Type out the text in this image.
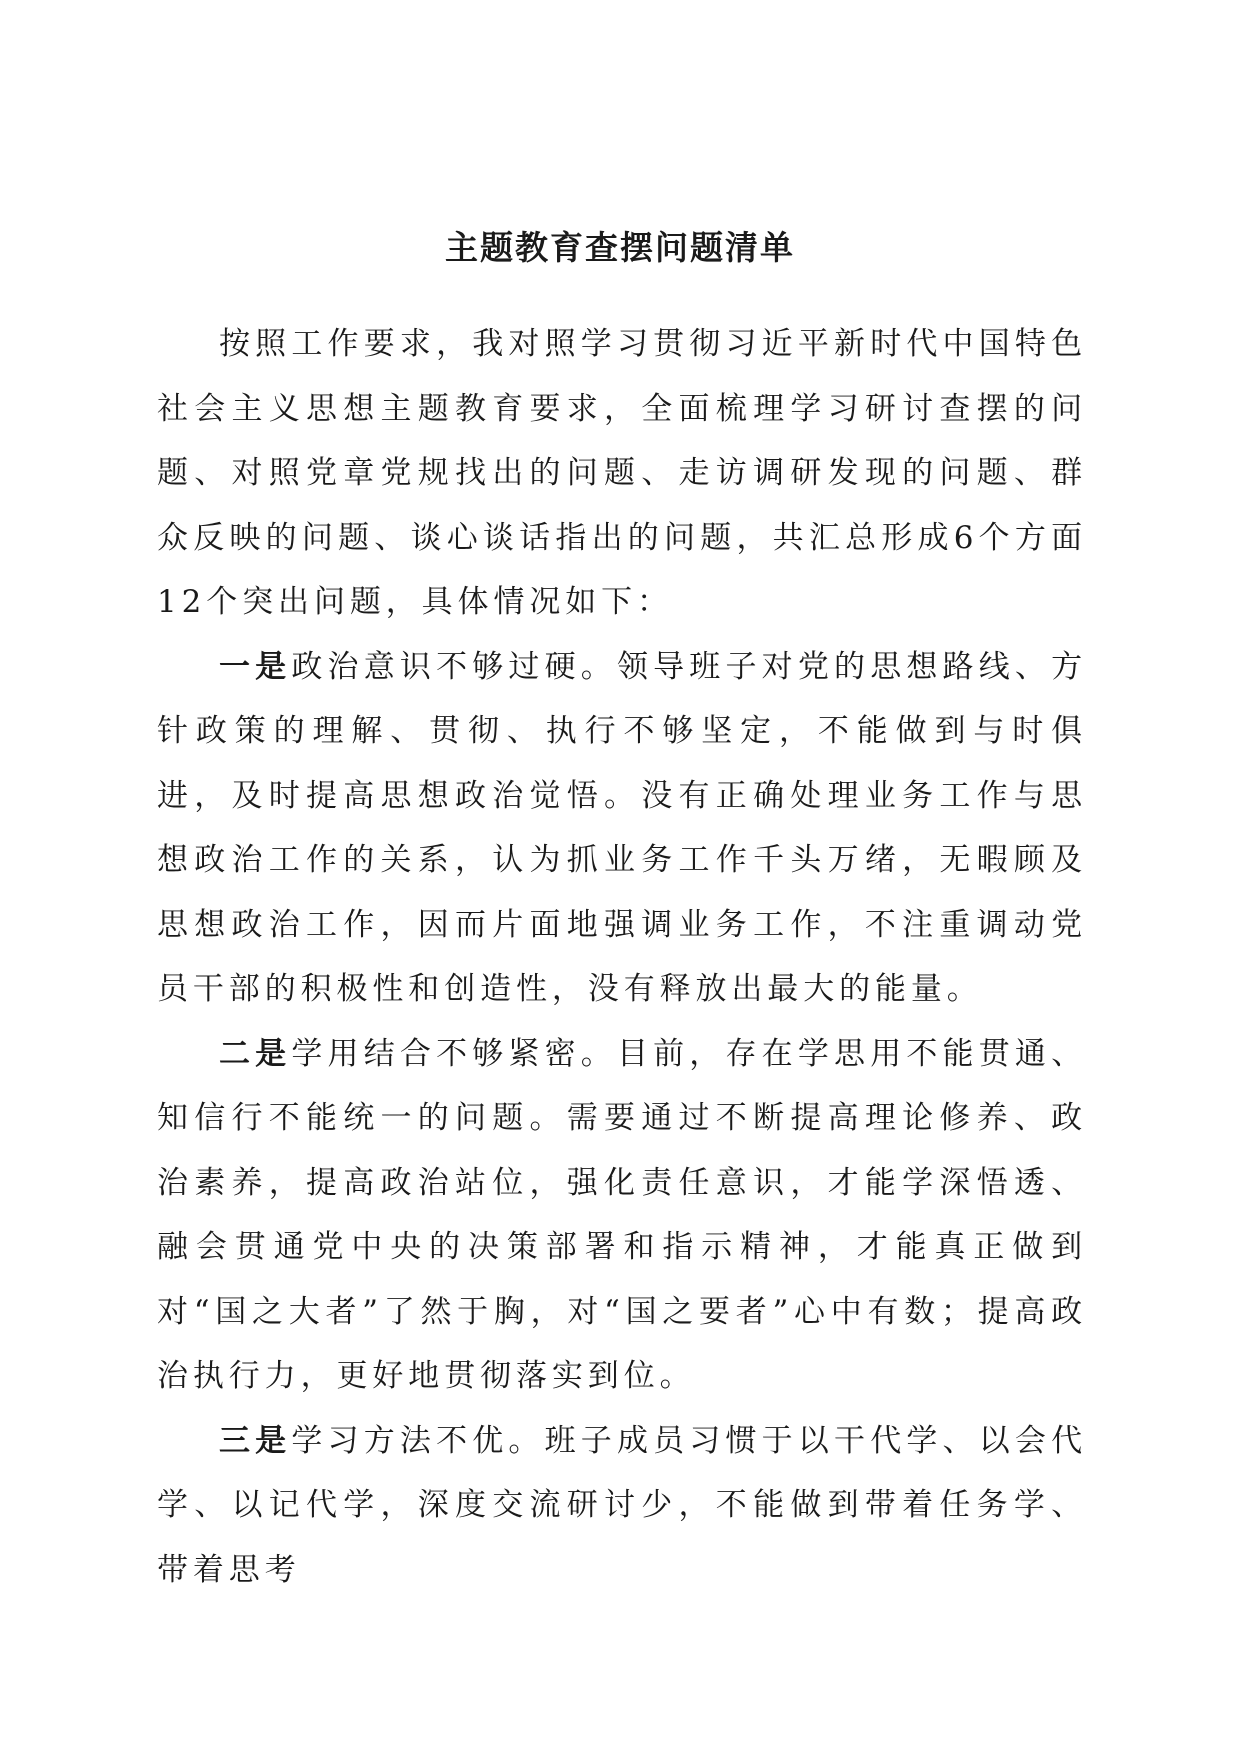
主题教育查摆问题清单

按照工作要求，我对照学习贯彻习近平新时代中国特色社会主义思想主题教育要求，全面梳理学习研讨查摆的问题、对照党章党规找出的问题、走访调研发现的问题、群众反映的问题、谈心谈话指出的问题，共汇总形成6个方面12个突出问题，具体情况如下：

一是政治意识不够过硬。领导班子对党的思想路线、方针政策的理解、贯彻、执行不够坚定，不能做到与时俱进，及时提高思想政治觉悟。没有正确处理业务工作与思想政治工作的关系，认为抓业务工作千头万绪，无暇顾及思想政治工作，因而片面地强调业务工作，不注重调动党员干部的积极性和创造性，没有释放出最大的能量。

二是学用结合不够紧密。目前，存在学思用不能贯通、知信行不能统一的问题。需要通过不断提高理论修养、政治素养，提高政治站位，强化责任意识，才能学深悟透、融会贯通党中央的决策部署和指示精神，才能真正做到对“国之大者”了然于胸，对“国之要者”心中有数；提高政治执行力，更好地贯彻落实到位。

三是学习方法不优。班子成员习惯于以干代学、以会代学、以记代学，深度交流研讨少，不能做到带着任务学、带着思考
